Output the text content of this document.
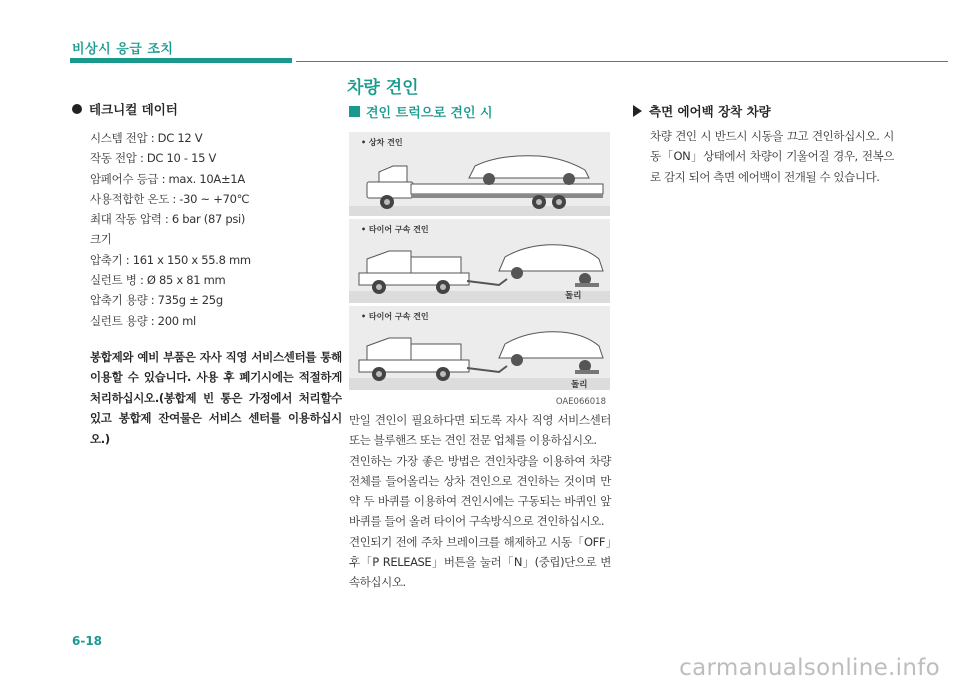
비상시 응급 조치
차량 견인
테크니컬 데이터
시스템 전압 : DC 12 V
작동 전압 : DC 10 - 15 V
암페어수 등급 : max. 10A±1A
사용적합한 온도 : -30 ~ +70℃
최대 작동 압력 : 6 bar (87 psi)
크기
압축기 : 161 x 150 x 55.8 mm
실런트 병 : Ø 85 x 81 mm
압축기 용량 : 735g ± 25g
실런트 용량 : 200 ml
봉합제와 예비 부품은 자사 직영 서비스센터를 통해 이용할 수 있습니다. 사용 후 폐기시에는 적절하게 처리하십시오.(봉합제 빈 통은 가정에서 처리할수 있고 봉합제 잔여물은 서비스 센터를 이용하십시오.)
견인 트럭으로 견인 시
• 상차 견인
• 타이어 구속 견인
돌리
• 타이어 구속 견인
돌리
OAE066018

만일 견인이 필요하다면 되도록 자사 직영 서비스센터 또는 블루핸즈 또는 견인 전문 업체를 이용하십시오.

견인하는 가장 좋은 방법은 견인차량을 이용하여 차량 전체를 들어올리는 상차 견인으로 견인하는 것이며 만약 두 바퀴를 이용하여 견인시에는 구동되는 바퀴인 앞바퀴를 들어 올려 타이어 구속방식으로 견인하십시오.

견인되기 전에 주차 브레이크를 해제하고 시동「OFF」후「P RELEASE」버튼을 눌러「N」(중립)단으로 변속하십시오.

측면 에어백 장착 차량
차량 견인 시 반드시 시동을 끄고 견인하십시오. 시동「ON」상태에서 차량이 기울어질 경우, 전복으로 감지 되어 측면 에어백이 전개될 수 있습니다.
6-18
carmanualsonline.info
